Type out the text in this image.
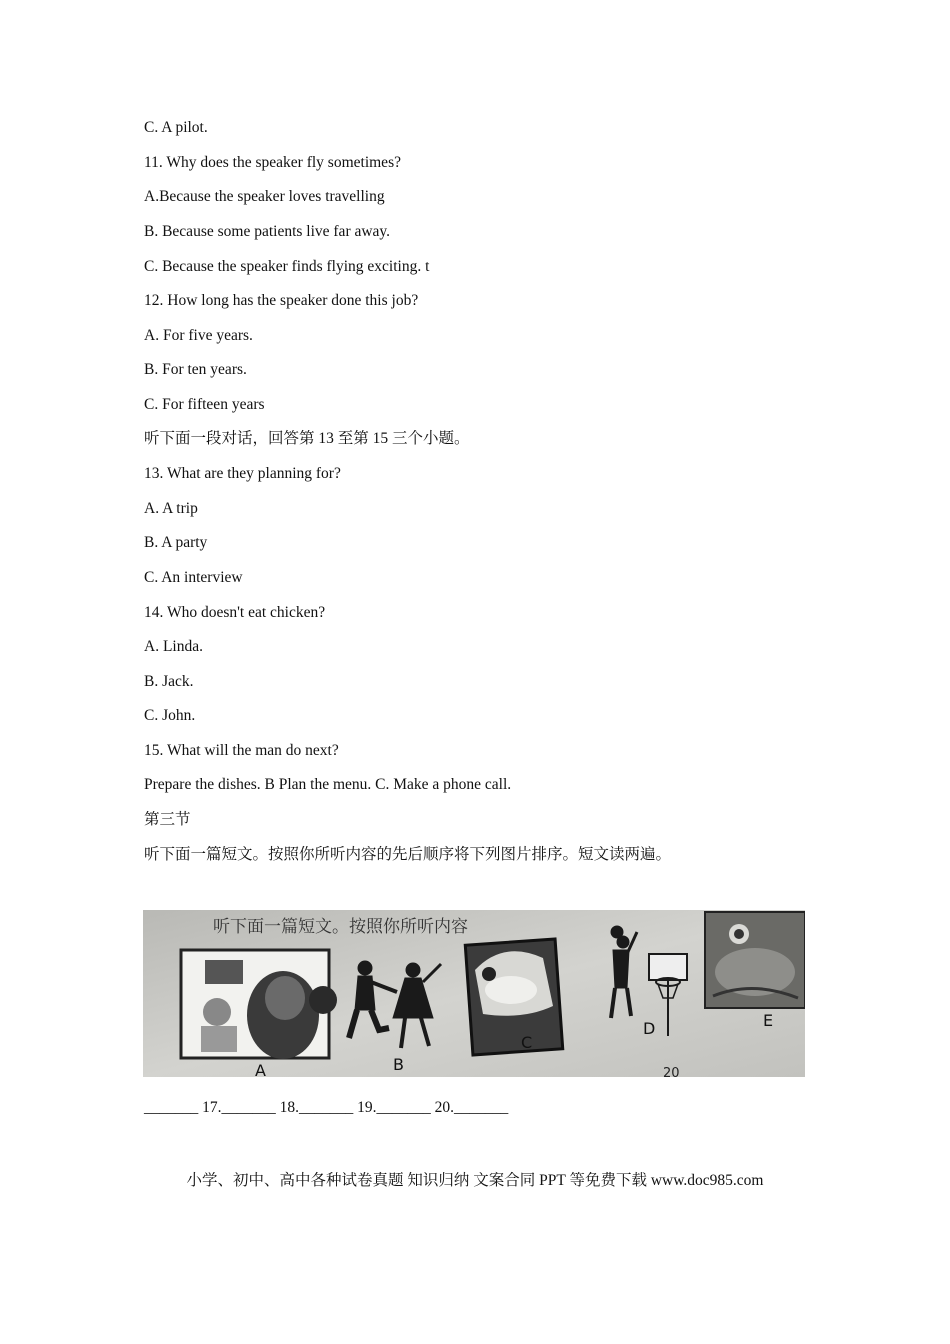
C. A pilot.
11. Why does the speaker fly sometimes?
A.Because the speaker loves travelling
B. Because some patients live far away.
C. Because the speaker finds flying exciting. t
12. How long has the speaker done this job?
A. For five years.
B. For ten years.
C. For fifteen years
听下面一段对话，回答第 13 至第 15 三个小题。
13. What are they planning for?
A. A trip
B. A party
C. An interview
14. Who doesn't eat chicken?
A. Linda.
B. Jack.
C. John.
15. What will the man do next?
Prepare the dishes. B Plan the menu. C. Make a phone call.
第三节
听下面一篇短文。按照你所听内容的先后顺序将下列图片排序。短文读两遍。
听下面一篇短文。按照你所听内容
A	B
C
D	E
20
_______ 17._______ 18._______ 19._______ 20._______
小学、初中、高中各种试卷真题 知识归纳 文案合同 PPT 等免费下载 www.doc985.com
